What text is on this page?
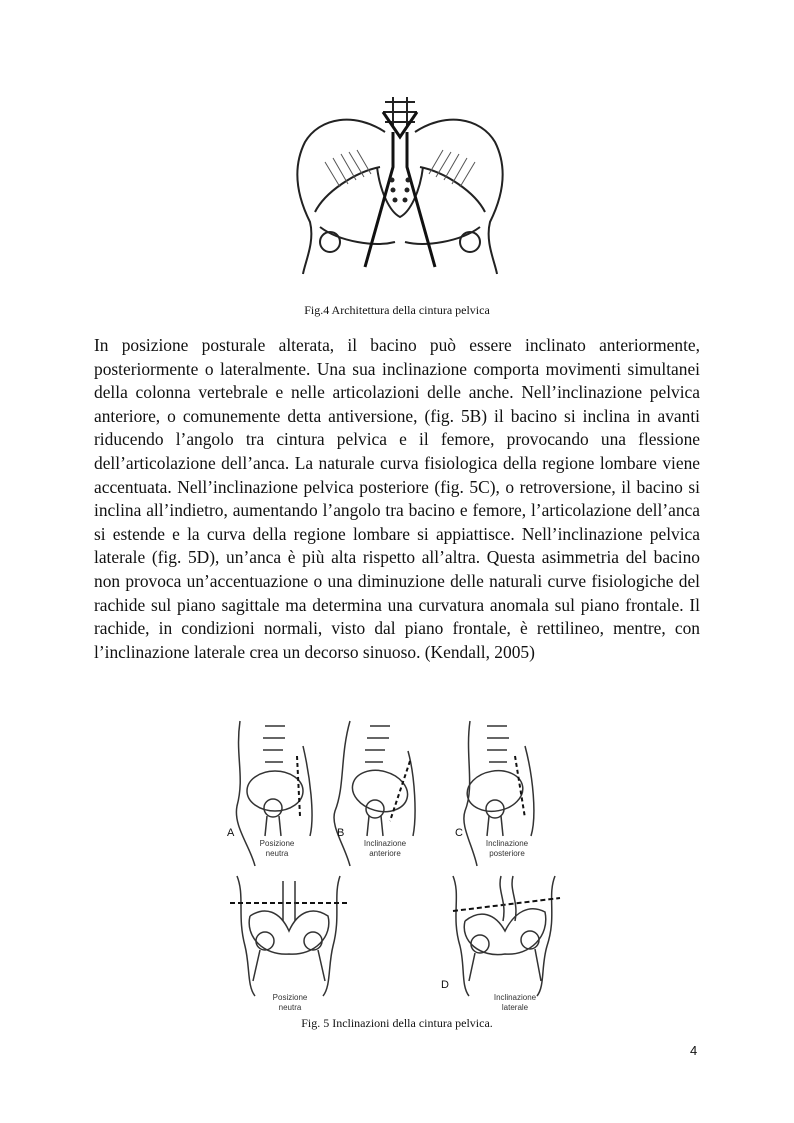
Fig.4 Architettura della cintura pelvica

In posizione posturale alterata, il bacino può essere inclinato anteriormente, posteriormente o lateralmente. Una sua inclinazione comporta movimenti simultanei della colonna vertebrale e nelle articolazioni delle anche. Nell’inclinazione pelvica anteriore, o comunemente detta antiversione, (fig. 5B) il bacino si inclina in avanti riducendo l’angolo tra cintura pelvica e il femore, provocando una flessione dell’articolazione dell’anca. La naturale curva fisiologica della regione lombare viene accentuata. Nell’inclinazione pelvica posteriore (fig. 5C), o retroversione, il bacino si inclina all’indietro, aumentando l’angolo tra bacino e femore, l’articolazione dell’anca si estende e la curva della regione lombare si appiattisce. Nell’inclinazione pelvica laterale (fig. 5D), un’anca è più alta rispetto all’altra. Questa asimmetria del bacino non provoca un’accentuazione o una diminuzione delle naturali curve fisiologiche del rachide sul piano sagittale ma determina una curvatura anomala sul piano frontale. Il rachide, in condizioni normali, visto dal piano frontale, è rettilineo, mentre, con l’inclinazione laterale crea un decorso sinuoso. (Kendall, 2005)

A
Posizione
neutra
B
Inclinazione
anteriore
C
Inclinazione
posteriore
Posizione
neutra
D
Inclinazione
laterale
Fig. 5 Inclinazioni della cintura pelvica.
4
